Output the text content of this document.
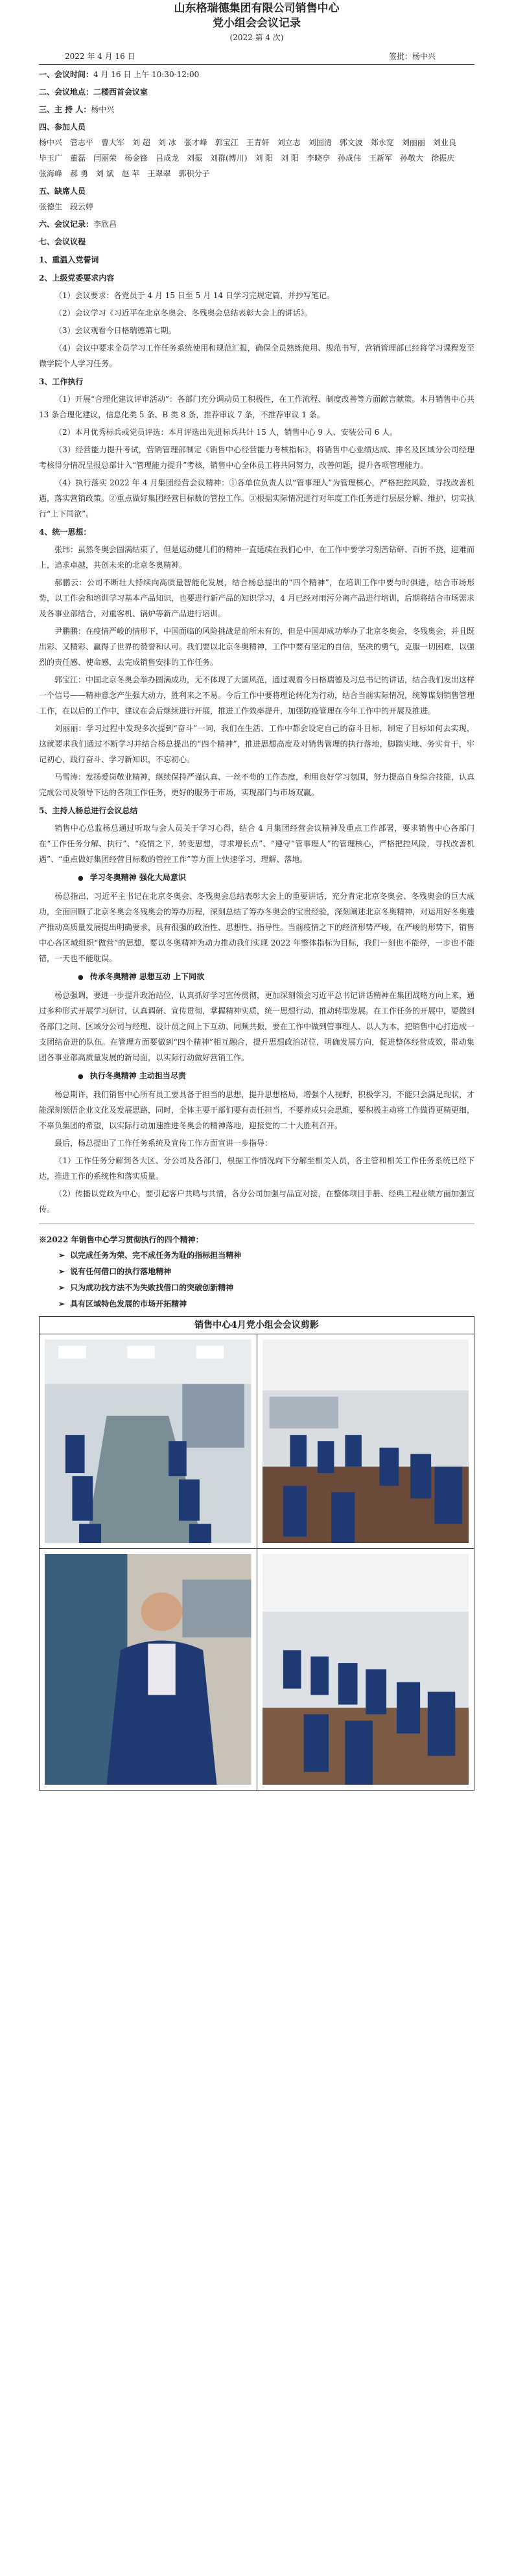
山东格瑞德集团有限公司销售中心
党小组会会议记录
(2022 第 4 次)
2022 年 4 月 16 日	签批：杨中兴
一、会议时间：4 月 16 日 上午 10:30-12:00
二、会议地点：二楼西首会议室
三、主 持 人：杨中兴
四、参加人员
杨中兴 管志平 曹大军 刘 超 刘 冰 张才峰 郭宝江 王青轩 刘立志 刘国清 郭文波 郑永宽 刘丽丽 刘业良
毕玉广 董磊 闫丽荣 杨金锋 吕成龙 刘振 刘群(博川) 刘 阳 刘 阳 李晓亭 孙成伟 王新军 孙敬大 徐振庆
张海峰 郝 勇 刘 斌 赵 苹 王翠翠 郭积分子
五、缺席人员
张德生 段云婷
六、会议记录：李欣昌
七、会议议程
1、重温入党誓词
2、上级党委要求内容
（1）会议要求：各党员于 4 月 15 日至 5 月 14 日学习完规定篇，并抄写笔记。
（2）会议学习《习近平在北京冬奥会、冬残奥会总结表彰大会上的讲话》。
（3）会议观看今日格瑞德第七期。
（4）会议中要求全员学习工作任务系统使用和规范汇报，确保全员熟练使用、规范书写，营销管理部已经将学习课程发至微学院个人学习任务。
3、工作执行
（1）开展“合理化建议评审活动”：各部门充分调动员工积极性，在工作流程、制度改善等方面献言献策。本月销售中心共 13 条合理化建议，信息化类 5 条、B 类 8 条，推荐审议 7 条，不推荐审议 1 条。
（2）本月优秀标兵或党员评选：本月评选出先进标兵共计 15 人，销售中心 9 人、安装公司 6 人。
（3）经营能力提升考试，营销管理部制定《销售中心经营能力考核指标》，将销售中心业绩达成、排名及区域分公司经理考核得分情况呈报总部计入“管理能力提升”考核，销售中心全体员工将共同努力，改善问题，提升各项管理能力。
（4）执行落实 2022 年 4 月集团经营会议精神：①各单位负责人以“管事理人”为管理核心，严格把控风险，寻找改善机遇，落实营销政策。②重点做好集团经营目标数的管控工作。③根据实际情况进行对年度工作任务进行层层分解、维护，切实执行“上下同欲”。
4、统一思想：
张玮：虽然冬奥会圆满结束了，但是运动健儿们的精神一直延续在我们心中，在工作中要学习刻苦钻研、百折不挠，迎难而上，追求卓越，共创未来的北京冬奥精神。
郝鹏云：公司不断壮大持续向高质量智能化发展，结合杨总提出的“四个精神”，在培训工作中要与时俱进，结合市场形势，以工作会和培训学习基本产品知识，也要进行新产品的知识学习，4 月已经对雨污分离产品进行培训，后期将结合市场需求及各事业部结合，对重客机、锅炉等新产品进行培训。
尹鹏鹏：在疫情严峻的情形下，中国面临的风险挑战是前所未有的，但是中国却成功举办了北京冬奥会，冬残奥会，并且既出彩、又精彩、赢得了世界的赞誉和认可。我们要以北京冬奥精神，工作中要有坚定的自信，坚决的勇气，克服一切困难，以强烈的责任感、使命感，去完成销售安排的工作任务。
郭宝江：中国北京冬奥会举办圆满成功，无不体现了大国风范，通过观看今日格瑞德及习总书记的讲话，结合我们发出这样一个信号——精神意念产生强大动力，胜利来之不易。今后工作中要将理论转化为行动，结合当前实际情况，统筹谋划销售管理工作，在以后的工作中，建议在会后继续进行开展，推进工作效率提升，加强防疫管理在今年工作中的开展及推进。
刘丽丽：学习过程中发现多次提到“奋斗”一词，我们在生活、工作中都会设定自己的奋斗目标，制定了目标如何去实现，这就要求我们通过不断学习并结合杨总提出的“四个精神”，推进思想高度及对销售管理的执行落地，脚踏实地、务实肯干，牢记初心，践行奋斗、学习新知识，不忘初心。
马雪涛：发扬爱岗敬业精神，继续保持严谨认真、一丝不苟的工作态度，利用良好学习氛围，努力提高自身综合技能，认真完成公司及领导下达的各项工作任务，更好的服务于市场，实现部门与市场双赢。
5、主持人杨总进行会议总结
销售中心总监杨总通过听取与会人员关于学习心得，结合 4 月集团经营会议精神及重点工作部署，要求销售中心各部门在“工作任务分解、执行”、“疫情之下，转变思想，寻求增长点”、“遵守“管事理人”的管理核心，严格把控风险，寻找改善机遇”、“重点做好集团经营目标数的管控工作”等方面上快速学习、理解、落地。
● 学习冬奥精神 强化大局意识
杨总指出，习近平主书记在北京冬奥会、冬残奥会总结表彰大会上的重要讲话，充分肯定北京冬奥会、冬残奥会的巨大成功，全面回顾了北京冬奥会冬残奥会的筹办历程，深刻总结了筹办冬奥会的宝贵经验，深刻阐述北京冬奥精神，对运用好冬奥遗产推动高质量发展提出明确要求，具有很强的政治性、思想性、指导性。当前疫情之下的经济形势严峻，在严峻的形势下，销售中心各区域组织“做营”的思想，要以冬奥精神为动力推动我们实现 2022 年整体指标为目标，我们一刻也不能停，一步也不能错，一天也不能耽误。
● 传承冬奥精神 思想互动 上下同欲
杨总强调，要进一步提升政治站位，认真抓好学习宣传贯彻，更加深刻领会习近平总书记讲话精神在集团战略方向上来，通过多种形式开展学习研讨，认真调研、宣传贯彻，掌握精神实质，统一思想行动，推动转型发展。在工作任务的开展中，要做到各部门之间、区域分公司与经理、设计员之间上下互动、同频共振，要在工作中做到管事理人、以人为本，把销售中心打造成一支团结奋进的队伍。在管理方面要做到“四个精神”相互融合，提升思想政治站位，明确发展方向，促进整体经营成效，带动集团各事业部高质量发展的新局面，以实际行动做好营销工作。
● 执行冬奥精神 主动担当尽责
杨总期许，我们销售中心所有员工要具备于担当的思想，提升思想格局，增强个人视野，积极学习，不能只会满足现状，才能深刻领悟企业文化及发展思路，同时，全体主要干部们要有责任担当，不要养成只会思维，要积极主动将工作做得更精更细，不辜负集团的希望，以实际行动加速推进冬奥会的精神落地，迎接党的二十大胜利召开。
最后，杨总提出了工作任务系统及宣传工作方面宣讲一步指导：
（1）工作任务分解到各大区、分公司及各部门，根据工作情况向下分解至相关人员，各主管和相关工作任务系统已经下达，推进工作的系统性和落实质量。
（2）传播以党政为中心，要引起客户共鸣与共情，各分公司加强与品宣对接，在整体项目手册、经典工程业绩方面加强宣传。
※2022 年销售中心学习贯彻执行的四个精神：
➢ 以完成任务为荣、完不成任务为耻的指标担当精神
➢ 说有任何借口的执行落地精神
➢ 只为成功找方法不为失败找借口的突破创新精神
➢ 具有区域特色发展的市场开拓精神
销售中心4月党小组会会议剪影
